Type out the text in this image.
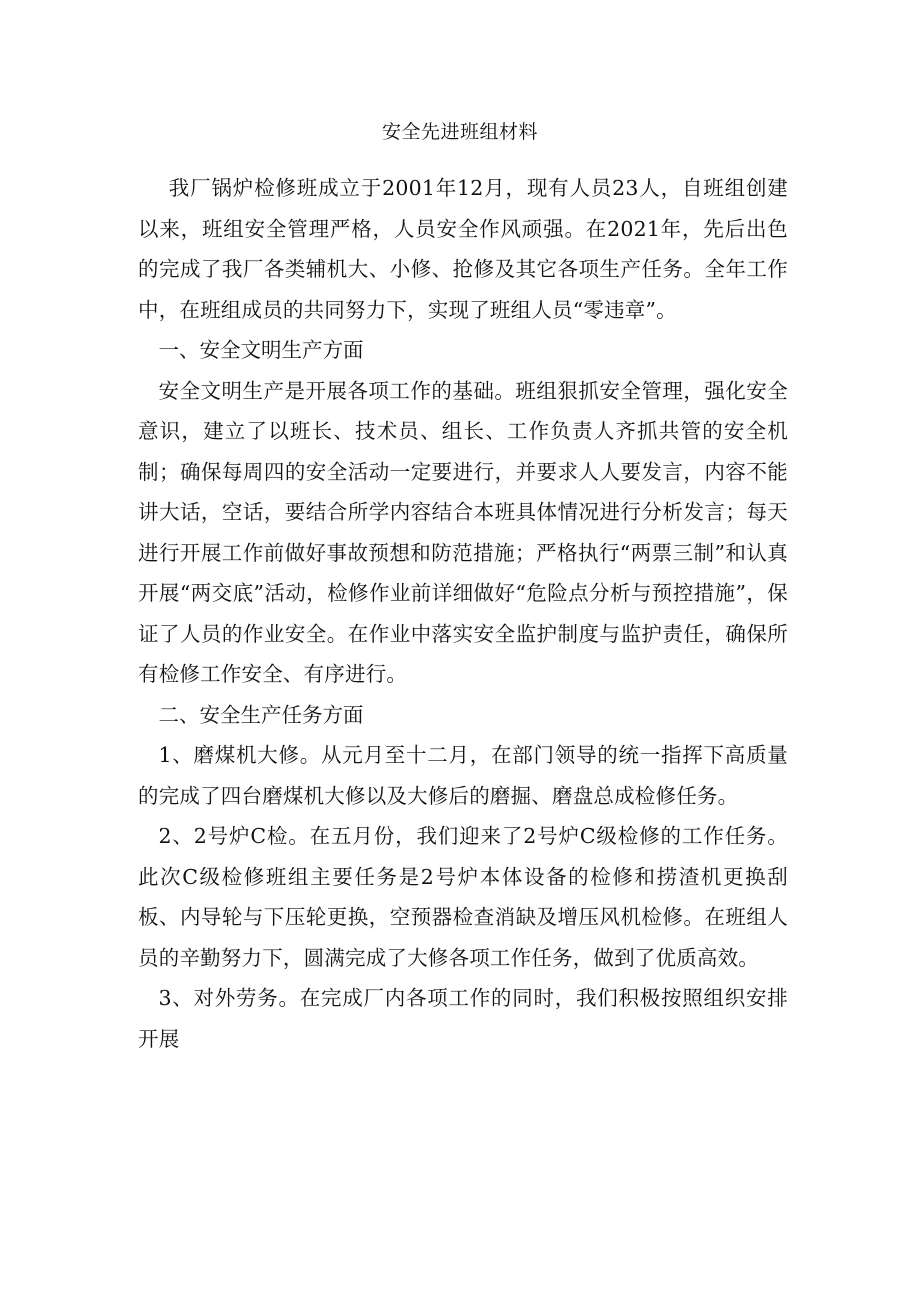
安全先进班组材料

我厂锅炉检修班成立于2001年12月，现有人员23人，自班组创建以来，班组安全管理严格，人员安全作风顽强。在2021年，先后出色的完成了我厂各类辅机大、小修、抢修及其它各项生产任务。全年工作中，在班组成员的共同努力下，实现了班组人员“零违章”。

一、安全文明生产方面

安全文明生产是开展各项工作的基础。班组狠抓安全管理，强化安全意识，建立了以班长、技术员、组长、工作负责人齐抓共管的安全机制；确保每周四的安全活动一定要进行，并要求人人要发言，内容不能讲大话，空话，要结合所学内容结合本班具体情况进行分析发言；每天进行开展工作前做好事故预想和防范措施；严格执行“两票三制”和认真开展“两交底”活动，检修作业前详细做好“危险点分析与预控措施”，保证了人员的作业安全。在作业中落实安全监护制度与监护责任，确保所有检修工作安全、有序进行。

二、安全生产任务方面

1、磨煤机大修。从元月至十二月，在部门领导的统一指挥下高质量的完成了四台磨煤机大修以及大修后的磨掘、磨盘总成检修任务。

2、2号炉C检。在五月份，我们迎来了2号炉C级检修的工作任务。此次C级检修班组主要任务是2号炉本体设备的检修和捞渣机更换刮板、内导轮与下压轮更换，空预器检查消缺及增压风机检修。在班组人员的辛勤努力下，圆满完成了大修各项工作任务，做到了优质高效。

3、对外劳务。在完成厂内各项工作的同时，我们积极按照组织安排开展
